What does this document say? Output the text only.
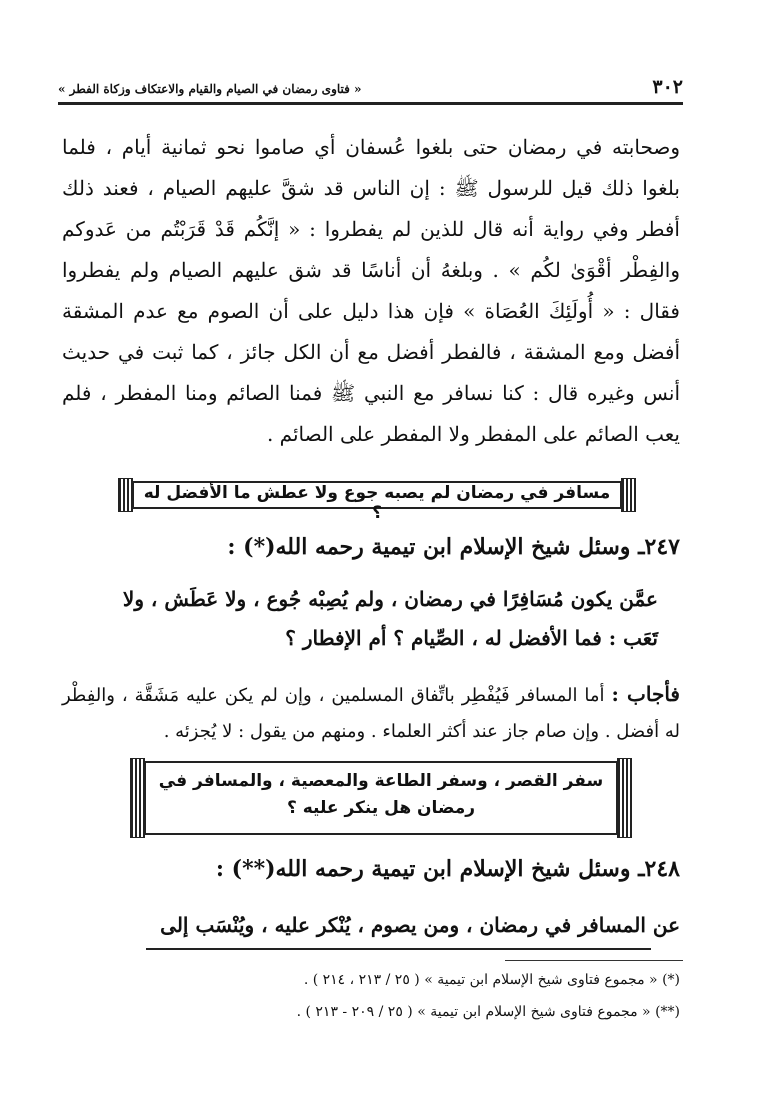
٣٠٢
« فتاوى رمضان في الصيام والقيام والاعتكاف وزكاة الفطر »

وصحابته في رمضان حتى بلغوا عُسفان أي صاموا نحو ثمانية أيام ، فلما بلغوا ذلك قيل للرسول ﷺ : إن الناس قد شقَّ عليهم الصيام ، فعند ذلك أفطر وفي رواية أنه قال للذين لم يفطروا : « إنَّكُم قَدْ قَرَبْتُم من عَدوكم والفِطْر أقْوَىٰ لكُم » . وبلغهُ أن أناسًا قد شق عليهم الصيام ولم يفطروا فقال : « أُولَئِكَ العُصَاة » فإن هذا دليل على أن الصوم مع عدم المشقة أفضل ومع المشقة ، فالفطر أفضل مع أن الكل جائز ، كما ثبت في حديث أنس وغيره قال : كنا نسافر مع النبي ﷺ فمنا الصائم ومنا المفطر ، فلم يعب الصائم على المفطر ولا المفطر على الصائم .

مسافر في رمضان لم يصبه جوع ولا عطش ما الأفضل له ؟
٢٤٧ـ وسئل شيخ الإسلام ابن تيمية رحمه الله(*) :

عمَّن يكون مُسَافِرًا في رمضان ، ولم يُصِبْه جُوع ، ولا عَطَش ، ولا تَعَب : فما الأفضل له ، الصِّيام ؟ أم الإفطار ؟

فأجاب : أما المسافر فَيُفْطِر باتِّفاق المسلمين ، وإن لم يكن عليه مَشَقَّة ، والفِطْر له أفضل . وإن صام جاز عند أكثر العلماء . ومنهم من يقول : لا يُجزئه .

سفر القصر ، وسفر الطاعة والمعصية ، والمسافر في
رمضان هل ينكر عليه ؟
٢٤٨ـ وسئل شيخ الإسلام ابن تيمية رحمه الله(**) :

عن المسافر في رمضان ، ومن يصوم ، يُنْكر عليه ، ويُنْسَب إلى

(*) « مجموع فتاوى شيخ الإسلام ابن تيمية » ( ٢٥ / ٢١٣ ، ٢١٤ ) .

(**) « مجموع فتاوى شيخ الإسلام ابن تيمية » ( ٢٥ / ٢٠٩ - ٢١٣ ) .
